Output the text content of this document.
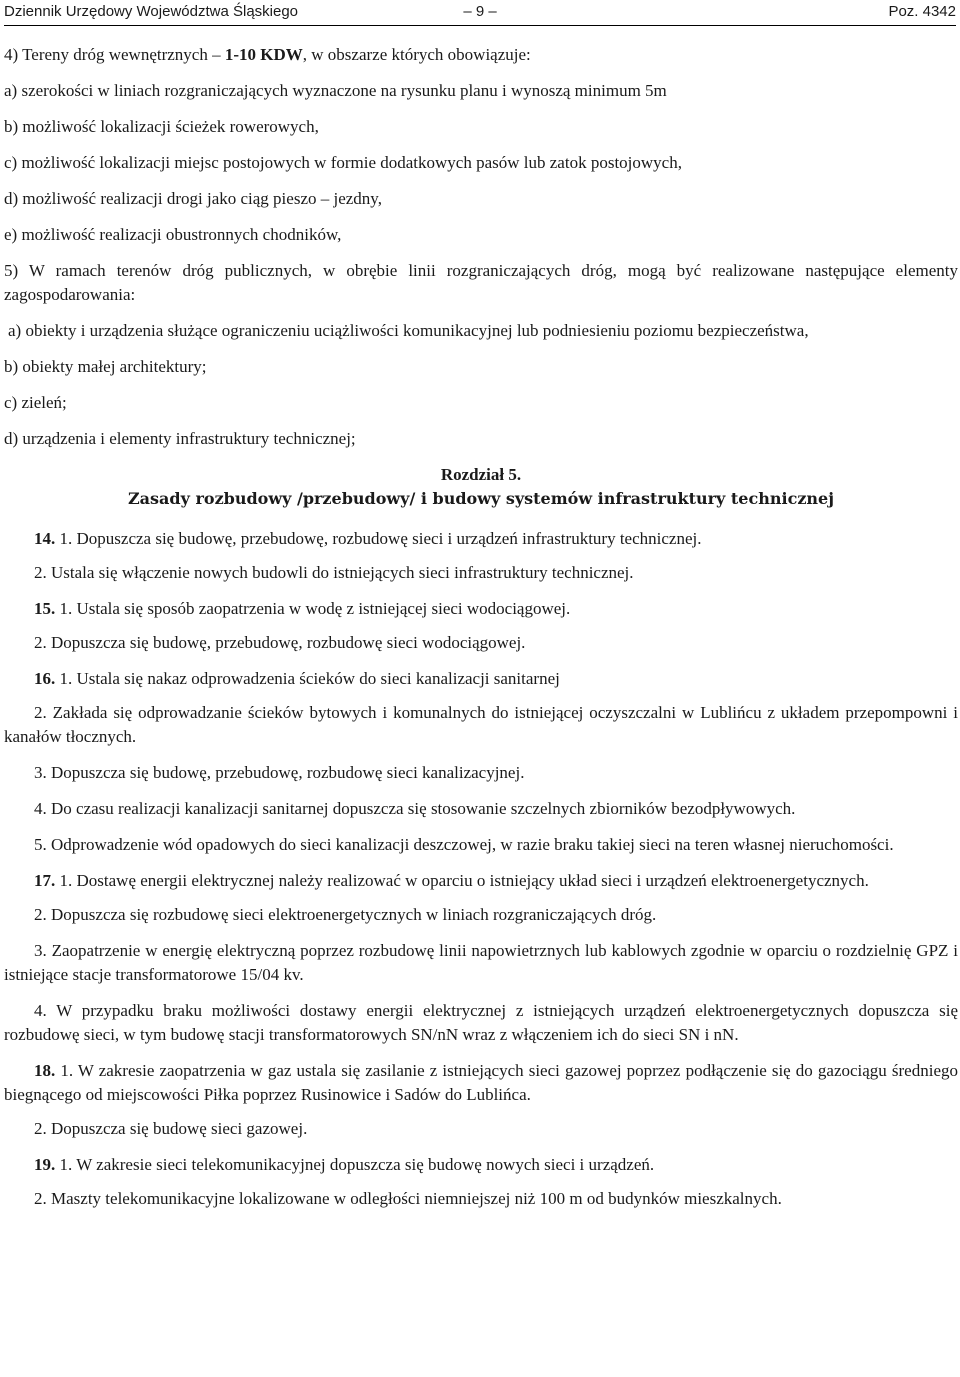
Dziennik Urzędowy Województwa Śląskiego	– 9 –	Poz. 4342

4) Tereny dróg wewnętrznych – 1-10 KDW, w obszarze których obowiązuje:

a) szerokości w liniach rozgraniczających wyznaczone na rysunku planu i wynoszą minimum 5m

b) możliwość lokalizacji ścieżek rowerowych,

c) możliwość lokalizacji miejsc postojowych w formie dodatkowych pasów lub zatok postojowych,

d) możliwość realizacji drogi jako ciąg pieszo – jezdny,

e) możliwość realizacji obustronnych chodników,

5) W ramach terenów dróg publicznych, w obrębie linii rozgraniczających dróg, mogą być realizowane następujące elementy zagospodarowania:

a) obiekty i urządzenia służące ograniczeniu uciążliwości komunikacyjnej lub podniesieniu poziomu bezpieczeństwa,

b) obiekty małej architektury;

c) zieleń;

d) urządzenia i elementy infrastruktury technicznej;

Rozdział 5.
Zasady rozbudowy /przebudowy/ i budowy systemów infrastruktury technicznej

14. 1. Dopuszcza się budowę, przebudowę, rozbudowę sieci i urządzeń infrastruktury technicznej.

2. Ustala się włączenie nowych budowli do istniejących sieci infrastruktury technicznej.

15. 1. Ustala się sposób zaopatrzenia w wodę z istniejącej sieci wodociągowej.

2. Dopuszcza się budowę, przebudowę, rozbudowę sieci wodociągowej.

16. 1. Ustala się nakaz odprowadzenia ścieków do sieci kanalizacji sanitarnej

2. Zakłada się odprowadzanie ścieków bytowych i komunalnych do istniejącej oczyszczalni w Lublińcu z układem przepompowni i kanałów tłocznych.

3. Dopuszcza się budowę, przebudowę, rozbudowę sieci kanalizacyjnej.

4. Do czasu realizacji kanalizacji sanitarnej dopuszcza się stosowanie szczelnych zbiorników bezodpływowych.

5. Odprowadzenie wód opadowych do sieci kanalizacji deszczowej, w razie braku takiej sieci na teren własnej nieruchomości.

17. 1. Dostawę energii elektrycznej należy realizować w oparciu o istniejący układ sieci i urządzeń elektroenergetycznych.

2. Dopuszcza się rozbudowę sieci elektroenergetycznych w liniach rozgraniczających dróg.

3. Zaopatrzenie w energię elektryczną poprzez rozbudowę linii napowietrznych lub kablowych zgodnie w oparciu o rozdzielnię GPZ i istniejące stacje transformatorowe 15/04 kv.

4. W przypadku braku możliwości dostawy energii elektrycznej z istniejących urządzeń elektroenergetycznych dopuszcza się rozbudowę sieci, w tym budowę stacji transformatorowych SN/nN wraz z włączeniem ich do sieci SN i nN.

18. 1. W zakresie zaopatrzenia w gaz ustala się zasilanie z istniejących sieci gazowej poprzez podłączenie się do gazociągu średniego biegnącego od miejscowości Piłka poprzez Rusinowice i Sadów do Lublińca.

2. Dopuszcza się budowę sieci gazowej.

19. 1. W zakresie sieci telekomunikacyjnej dopuszcza się budowę nowych sieci i urządzeń.

2. Maszty telekomunikacyjne lokalizowane w odległości niemniejszej niż 100 m od budynków mieszkalnych.
